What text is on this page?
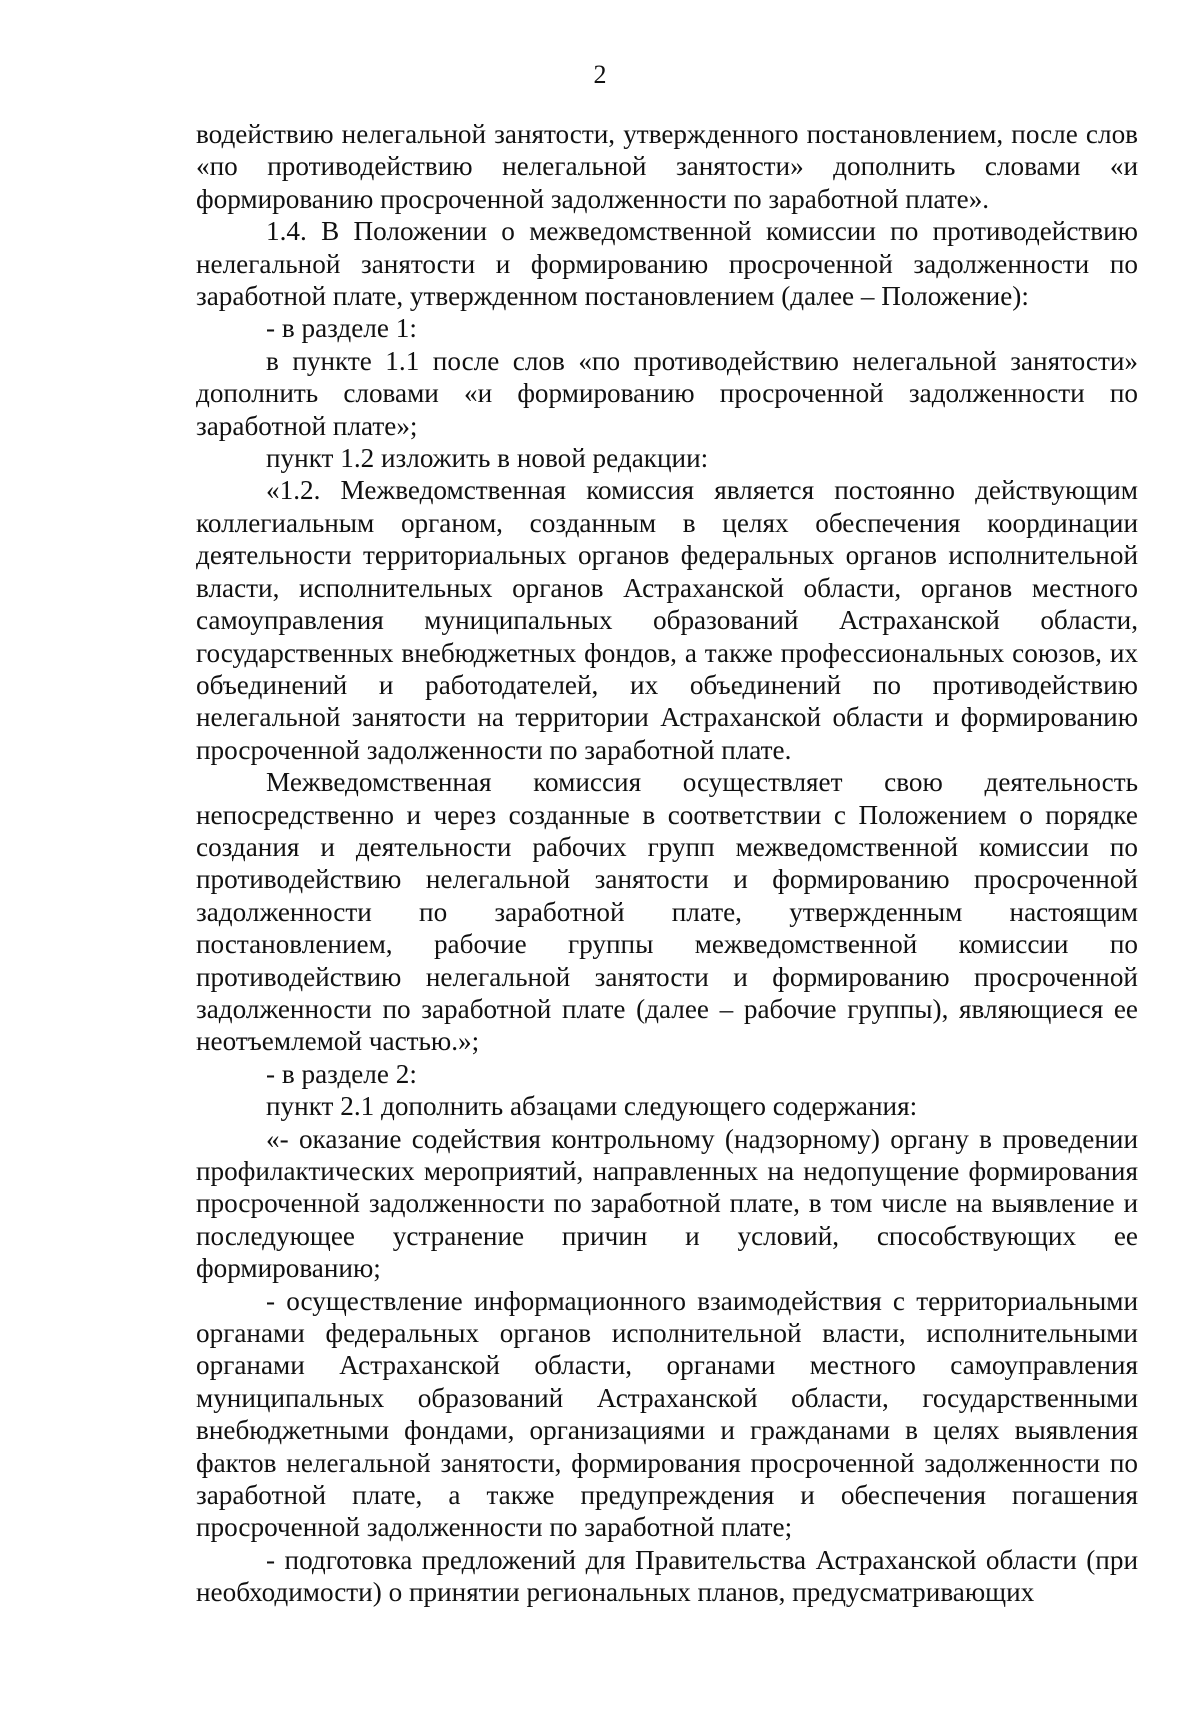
2

водействию нелегальной занятости, утвержденного постановлением, после слов «по противодействию нелегальной занятости» дополнить словами «и формированию просроченной задолженности по заработной плате».

1.4. В Положении о межведомственной комиссии по противодействию нелегальной занятости и формированию просроченной задолженности по заработной плате, утвержденном постановлением (далее – Положение):

- в разделе 1:

в пункте 1.1 после слов «по противодействию нелегальной занятости» дополнить словами «и формированию просроченной задолженности по заработной плате»;

пункт 1.2 изложить в новой редакции:

«1.2. Межведомственная комиссия является постоянно действующим коллегиальным органом, созданным в целях обеспечения координации деятельности территориальных органов федеральных органов исполнительной власти, исполнительных органов Астраханской области, органов местного самоуправления муниципальных образований Астраханской области, государственных внебюджетных фондов, а также профессиональных союзов, их объединений и работодателей, их объединений по противодействию нелегальной занятости на территории Астраханской области и формированию просроченной задолженности по заработной плате.

Межведомственная комиссия осуществляет свою деятельность непосредственно и через созданные в соответствии с Положением о порядке создания и деятельности рабочих групп межведомственной комиссии по противодействию нелегальной занятости и формированию просроченной задолженности по заработной плате, утвержденным настоящим постановлением, рабочие группы межведомственной комиссии по противодействию нелегальной занятости и формированию просроченной задолженности по заработной плате (далее – рабочие группы), являющиеся ее неотъемлемой частью.»;

- в разделе 2:

пункт 2.1 дополнить абзацами следующего содержания:

«- оказание содействия контрольному (надзорному) органу в проведении профилактических мероприятий, направленных на недопущение формирования просроченной задолженности по заработной плате, в том числе на выявление и последующее устранение причин и условий, способствующих ее формированию;

- осуществление информационного взаимодействия с территориальными органами федеральных органов исполнительной власти, исполнительными органами Астраханской области, органами местного самоуправления муниципальных образований Астраханской области, государственными внебюджетными фондами, организациями и гражданами в целях выявления фактов нелегальной занятости, формирования просроченной задолженности по заработной плате, а также предупреждения и обеспечения погашения просроченной задолженности по заработной плате;

- подготовка предложений для Правительства Астраханской области (при необходимости) о принятии региональных планов, предусматривающих
